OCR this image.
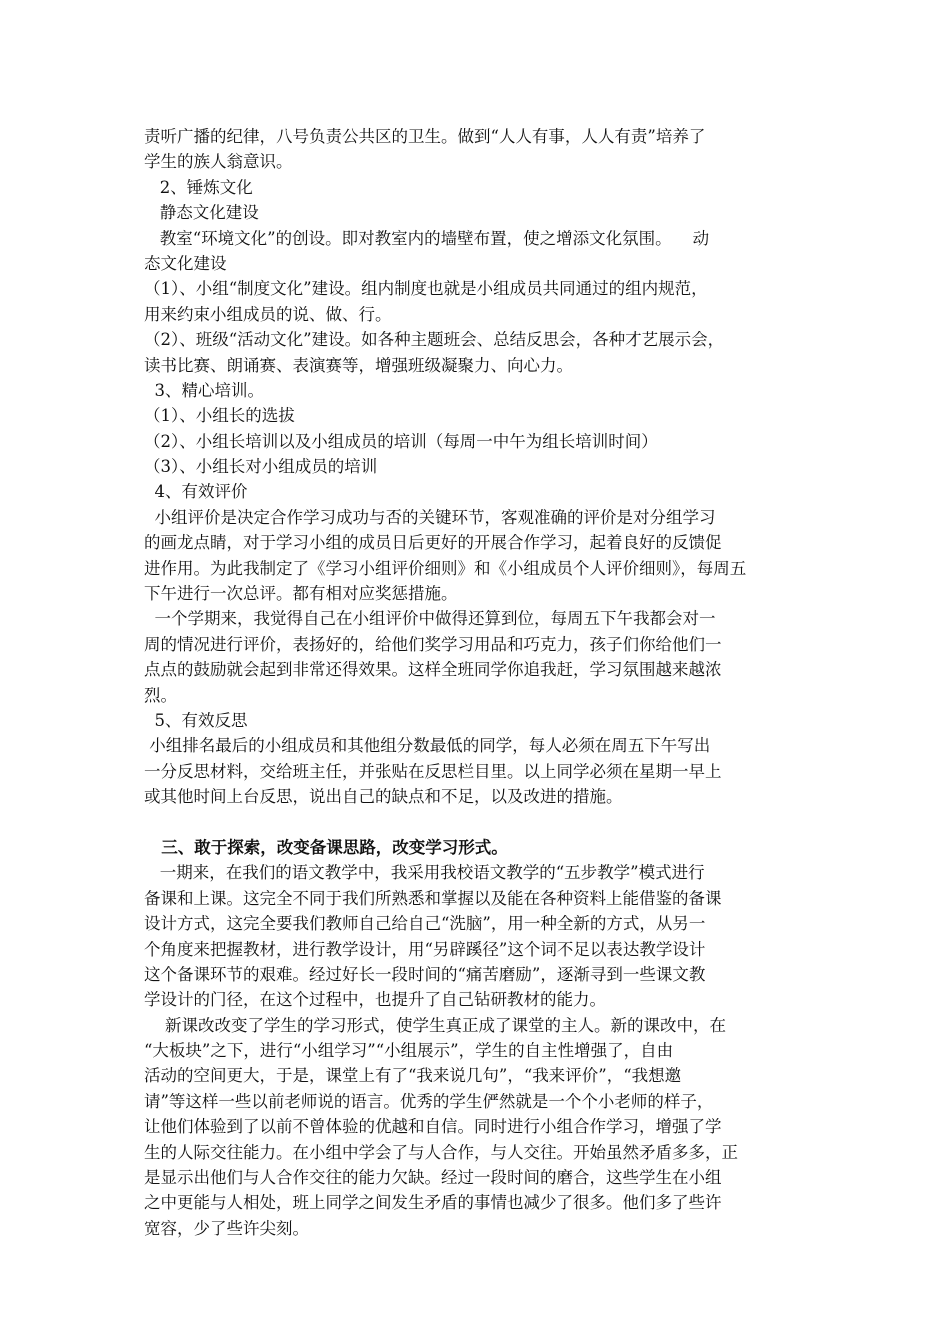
责听广播的纪律，八号负责公共区的卫生。做到“人人有事，人人有责”培养了
学生的族人翁意识。
2、锤炼文化
静态文化建设
教室“环境文化”的创设。即对教室内的墙壁布置，使之增添文化氛围。    动
态文化建设
（1）、小组“制度文化”建设。组内制度也就是小组成员共同通过的组内规范，
用来约束小组成员的说、做、行。
（2）、班级“活动文化”建设。如各种主题班会、总结反思会，各种才艺展示会，
读书比赛、朗诵赛、表演赛等，增强班级凝聚力、向心力。
3、精心培训。
（1）、小组长的选拔
（2）、小组长培训以及小组成员的培训（每周一中午为组长培训时间）
（3）、小组长对小组成员的培训
4、有效评价
小组评价是决定合作学习成功与否的关键环节，客观准确的评价是对分组学习
的画龙点睛，对于学习小组的成员日后更好的开展合作学习，起着良好的反馈促
进作用。为此我制定了《学习小组评价细则》和《小组成员个人评价细则》，每周五
下午进行一次总评。都有相对应奖惩措施。
一个学期来，我觉得自己在小组评价中做得还算到位，每周五下午我都会对一
周的情况进行评价，表扬好的，给他们奖学习用品和巧克力，孩子们你给他们一
点点的鼓励就会起到非常还得效果。这样全班同学你追我赶，学习氛围越来越浓
烈。
5、有效反思
小组排名最后的小组成员和其他组分数最低的同学，每人必须在周五下午写出
一分反思材料，交给班主任，并张贴在反思栏目里。以上同学必须在星期一早上
或其他时间上台反思，说出自己的缺点和不足，以及改进的措施。
三、敢于探索，改变备课思路，改变学习形式。
一期来，在我们的语文教学中，我采用我校语文教学的“五步教学”模式进行
备课和上课。这完全不同于我们所熟悉和掌握以及能在各种资料上能借鉴的备课
设计方式，这完全要我们教师自己给自己“洗脑”，用一种全新的方式，从另一
个角度来把握教材，进行教学设计，用“另辟蹊径”这个词不足以表达教学设计
这个备课环节的艰难。经过好长一段时间的“痛苦磨励”，逐渐寻到一些课文教
学设计的门径，在这个过程中，也提升了自己钻研教材的能力。
新课改改变了学生的学习形式，使学生真正成了课堂的主人。新的课改中，在
“大板块”之下，进行“小组学习”“小组展示”，学生的自主性增强了，自由
活动的空间更大，于是，课堂上有了“我来说几句”，“我来评价”，“我想邀
请”等这样一些以前老师说的语言。优秀的学生俨然就是一个个小老师的样子，
让他们体验到了以前不曾体验的优越和自信。同时进行小组合作学习，增强了学
生的人际交往能力。在小组中学会了与人合作，与人交往。开始虽然矛盾多多，正
是显示出他们与人合作交往的能力欠缺。经过一段时间的磨合，这些学生在小组
之中更能与人相处，班上同学之间发生矛盾的事情也减少了很多。他们多了些许
宽容，少了些许尖刻。
